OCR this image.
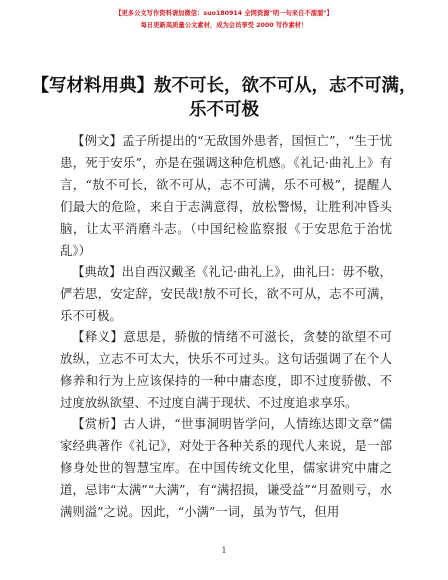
【更多公文写作资料请加微信：suo180914 全网资源"明一句来自不溜溜"】
每日更新高质量公文素材，成为会员享受 2000 写作素材！
【写材料用典】敖不可长，欲不可从，志不可满，乐不可极

【例文】孟子所提出的“无敌国外患者，国恒亡”，“生于忧患，死于安乐”，亦是在强调这种危机感。《礼记·曲礼上》有言，“敖不可长，欲不可从，志不可满，乐不可极”，提醒人们最大的危险，来自于志满意得，放松警惕，让胜利冲昏头脑，让太平消磨斗志。（中国纪检监察报《于安思危于治忧乱》）

【典故】出自西汉戴圣《礼记·曲礼上》，曲礼曰：毋不敬，俨若思，安定辞，安民哉!敖不可长，欲不可从，志不可满，乐不可极。

【释义】意思是，骄傲的情绪不可滋长，贪婪的欲望不可放纵，立志不可太大，快乐不可过头。这句话强调了在个人修养和行为上应该保持的一种中庸态度，即不过度骄傲、不过度放纵欲望、不过度自满于现状、不过度追求享乐。

【赏析】古人讲，“世事洞明皆学问，人情练达即文章”儒家经典著作《礼记》，对处于各种关系的现代人来说，是一部修身处世的智慧宝库。在中国传统文化里，儒家讲究中庸之道，忌讳“太满”“大满”，有“满招损，谦受益”“月盈则亏，水满则溢”之说。因此，“小满”一词，虽为节气，但用

1
